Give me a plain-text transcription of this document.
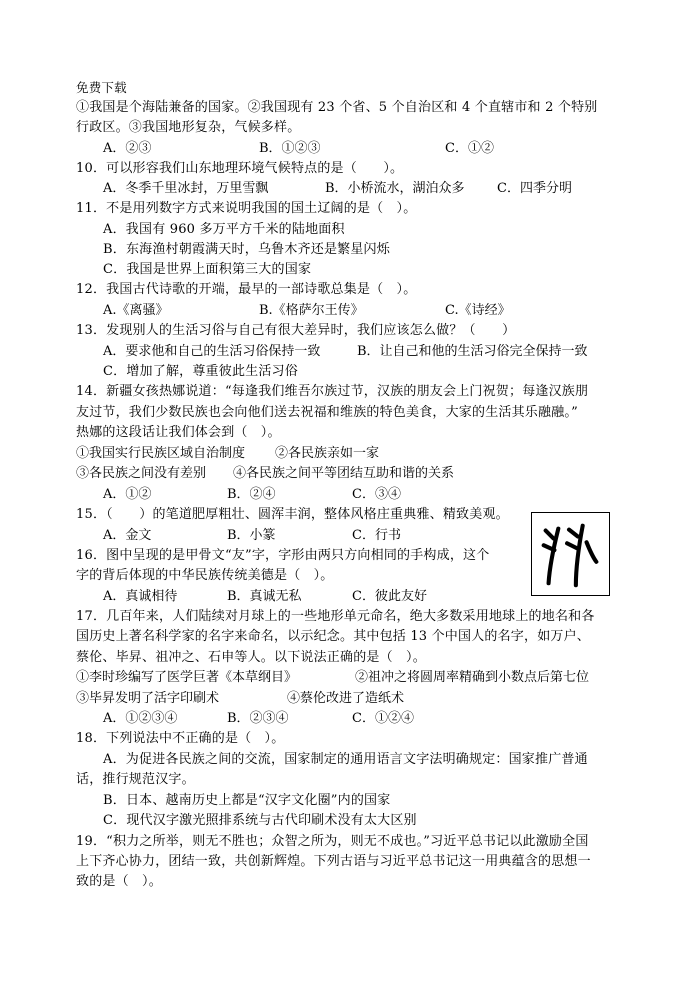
免费下载
①我国是个海陆兼备的国家。②我国现有 23 个省、5 个自治区和 4 个直辖市和 2 个特别
行政区。③我国地形复杂，气候多样。
A．②③	B．①②③	C．①②
10．可以形容我们山东地理环境气候特点的是（　　）。
A．冬季千里冰封，万里雪飘	B．小桥流水，湖泊众多 C．四季分明
11．不是用列数字方式来说明我国的国土辽阔的是（　）。
A．我国有 960 多万平方千米的陆地面积
B．东海渔村朝霞满天时，乌鲁木齐还是繁星闪烁
C．我国是世界上面积第三大的国家
12．我国古代诗歌的开端，最早的一部诗歌总集是（　）。
A.《离骚》	B.《格萨尔王传》	C.《诗经》
13．发现别人的生活习俗与自己有很大差异时，我们应该怎么做？（　　）
A．要求他和自己的生活习俗保持一致	B．让自己和他的生活习俗完全保持一致
C．增加了解，尊重彼此生活习俗
14．新疆女孩热娜说道：“每逢我们维吾尔族过节，汉族的朋友会上门祝贺；每逢汉族朋
友过节，我们少数民族也会向他们送去祝福和维族的特色美食，大家的生活其乐融融。”
热娜的这段话让我们体会到（　）。
①我国实行民族区域自治制度 ②各民族亲如一家
③各民族之间没有差别 ④各民族之间平等团结互助和谐的关系
A．①②	B．②④	C．③④
15．（　　）的笔道肥厚粗壮、圆浑丰润，整体风格庄重典雅、精致美观。
A．金文	B．小篆	C．行书
16．图中呈现的是甲骨文“友”字，字形由两只方向相同的手构成，这个
字的背后体现的中华民族传统美德是（　）。
A．真诚相待	B．真诚无私	C．彼此友好
17．几百年来，人们陆续对月球上的一些地形单元命名，绝大多数采用地球上的地名和各
国历史上著名科学家的名字来命名，以示纪念。其中包括 13 个中国人的名字，如万户、
蔡伦、毕昇、祖冲之、石申等人。以下说法正确的是（　）。
①李时珍编写了医学巨著《本草纲目》	②祖冲之将圆周率精确到小数点后第七位
③毕昇发明了活字印刷术	④蔡伦改进了造纸术
A．①②③④	B．②③④	C．①②④
18．下列说法中不正确的是（　）。
A．为促进各民族之间的交流，国家制定的通用语言文字法明确规定：国家推广普通
话，推行规范汉字。
B．日本、越南历史上都是“汉字文化圈”内的国家
C．现代汉字激光照排系统与古代印刷术没有太大区别
19．“积力之所举，则无不胜也；众智之所为，则无不成也。”习近平总书记以此激励全国
上下齐心协力，团结一致，共创新辉煌。下列古语与习近平总书记这一用典蕴含的思想一
致的是（　）。
